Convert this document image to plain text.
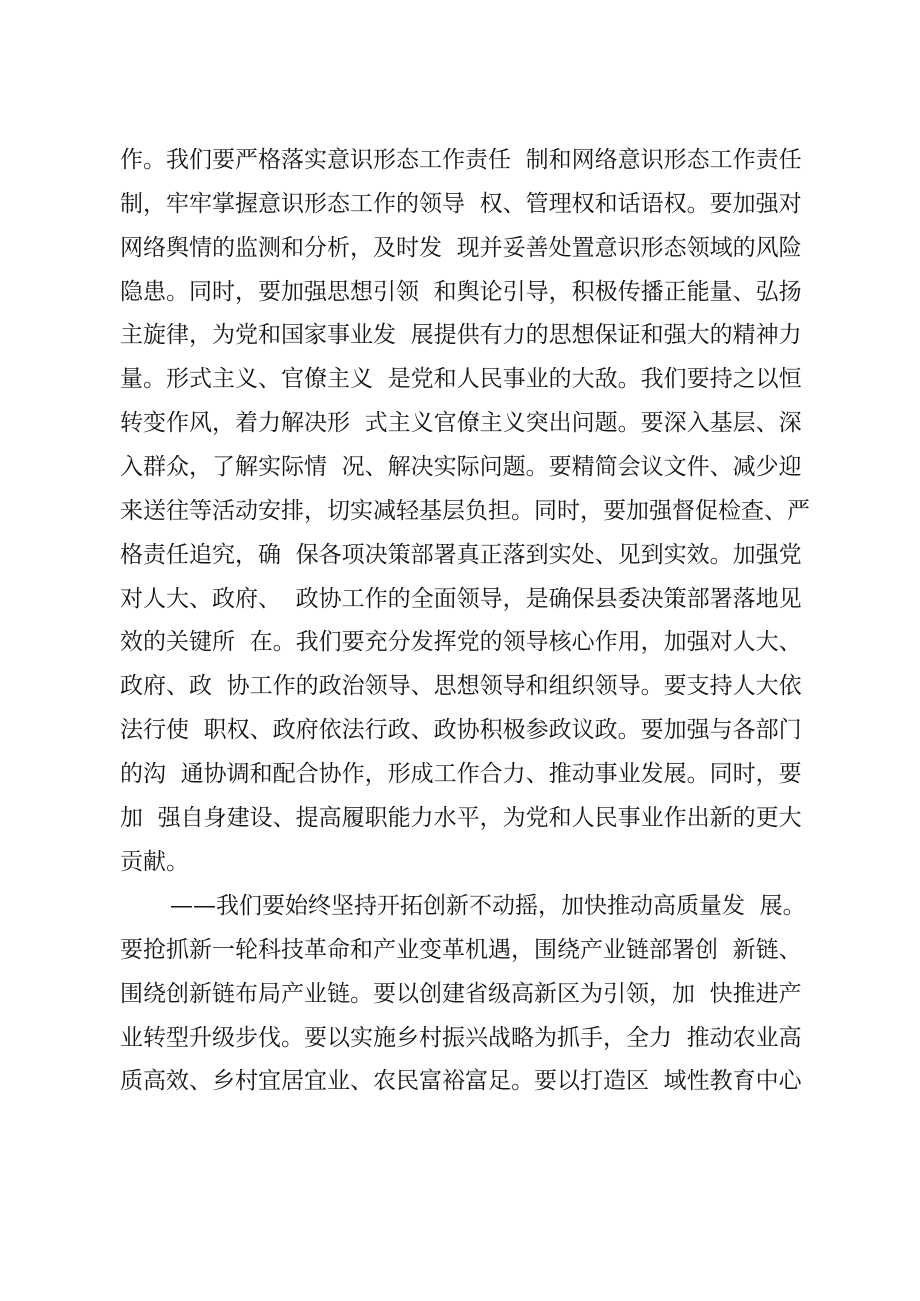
作。我们要严格落实意识形态工作责任  制和网络意识形态工作责任
制，牢牢掌握意识形态工作的领导  权、管理权和话语权。要加强对
网络舆情的监测和分析，及时发  现并妥善处置意识形态领域的风险
隐患。同时，要加强思想引领  和舆论引导，积极传播正能量、弘扬
主旋律，为党和国家事业发  展提供有力的思想保证和强大的精神力
量。形式主义、官僚主义  是党和人民事业的大敌。我们要持之以恒
转变作风，着力解决形  式主义官僚主义突出问题。要深入基层、深
入群众，了解实际情  况、解决实际问题。要精简会议文件、减少迎
来送往等活动安排，切实减轻基层负担。同时，要加强督促检查、严
格责任追究，确  保各项决策部署真正落到实处、见到实效。加强党
对人大、政府、  政协工作的全面领导，是确保县委决策部署落地见
效的关键所  在。我们要充分发挥党的领导核心作用，加强对人大、
政府、政  协工作的政治领导、思想领导和组织领导。要支持人大依
法行使  职权、政府依法行政、政协积极参政议政。要加强与各部门
的沟  通协调和配合协作，形成工作合力、推动事业发展。同时，要
加  强自身建设、提高履职能力水平，为党和人民事业作出新的更大
贡献。
——我们要始终坚持开拓创新不动摇，加快推动高质量发  展。
要抢抓新一轮科技革命和产业变革机遇，围绕产业链部署创  新链、
围绕创新链布局产业链。要以创建省级高新区为引领，加  快推进产
业转型升级步伐。要以实施乡村振兴战略为抓手，全力  推动农业高
质高效、乡村宜居宜业、农民富裕富足。要以打造区  域性教育中心
